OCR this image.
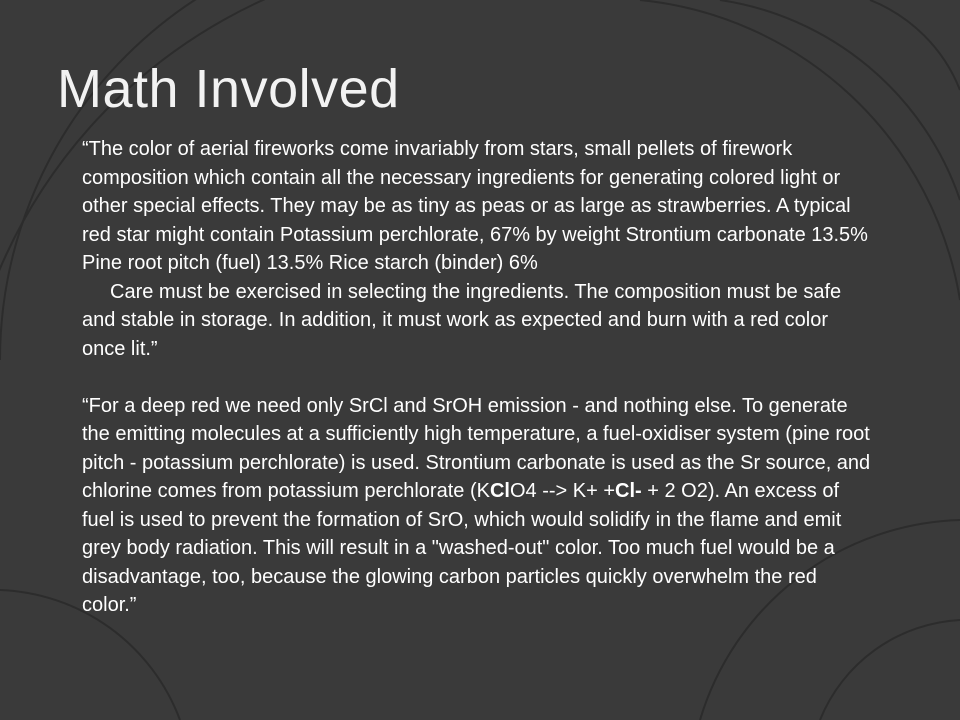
Math Involved

“The color of aerial fireworks come invariably from stars, small pellets of firework composition which contain all the necessary ingredients for generating colored light or other special effects. They may be as tiny as peas or as large as strawberries. A typical red star might contain Potassium perchlorate, 67% by weight Strontium carbonate 13.5% Pine root pitch (fuel) 13.5% Rice starch (binder) 6%

Care must be exercised in selecting the ingredients. The composition must be safe and stable in storage. In addition, it must work as expected and burn with a red color once lit.”

“For a deep red we need only SrCl and SrOH emission - and nothing else. To generate the emitting molecules at a sufficiently high temperature, a fuel-oxidiser system (pine root pitch - potassium perchlorate) is used. Strontium carbonate is used as the Sr source, and chlorine comes from potassium perchlorate (KClO4 --> K+ +Cl- + 2 O2). An excess of fuel is used to prevent the formation of SrO, which would solidify in the flame and emit grey body radiation. This will result in a "washed-out" color. Too much fuel would be a disadvantage, too, because the glowing carbon particles quickly overwhelm the red color.”
